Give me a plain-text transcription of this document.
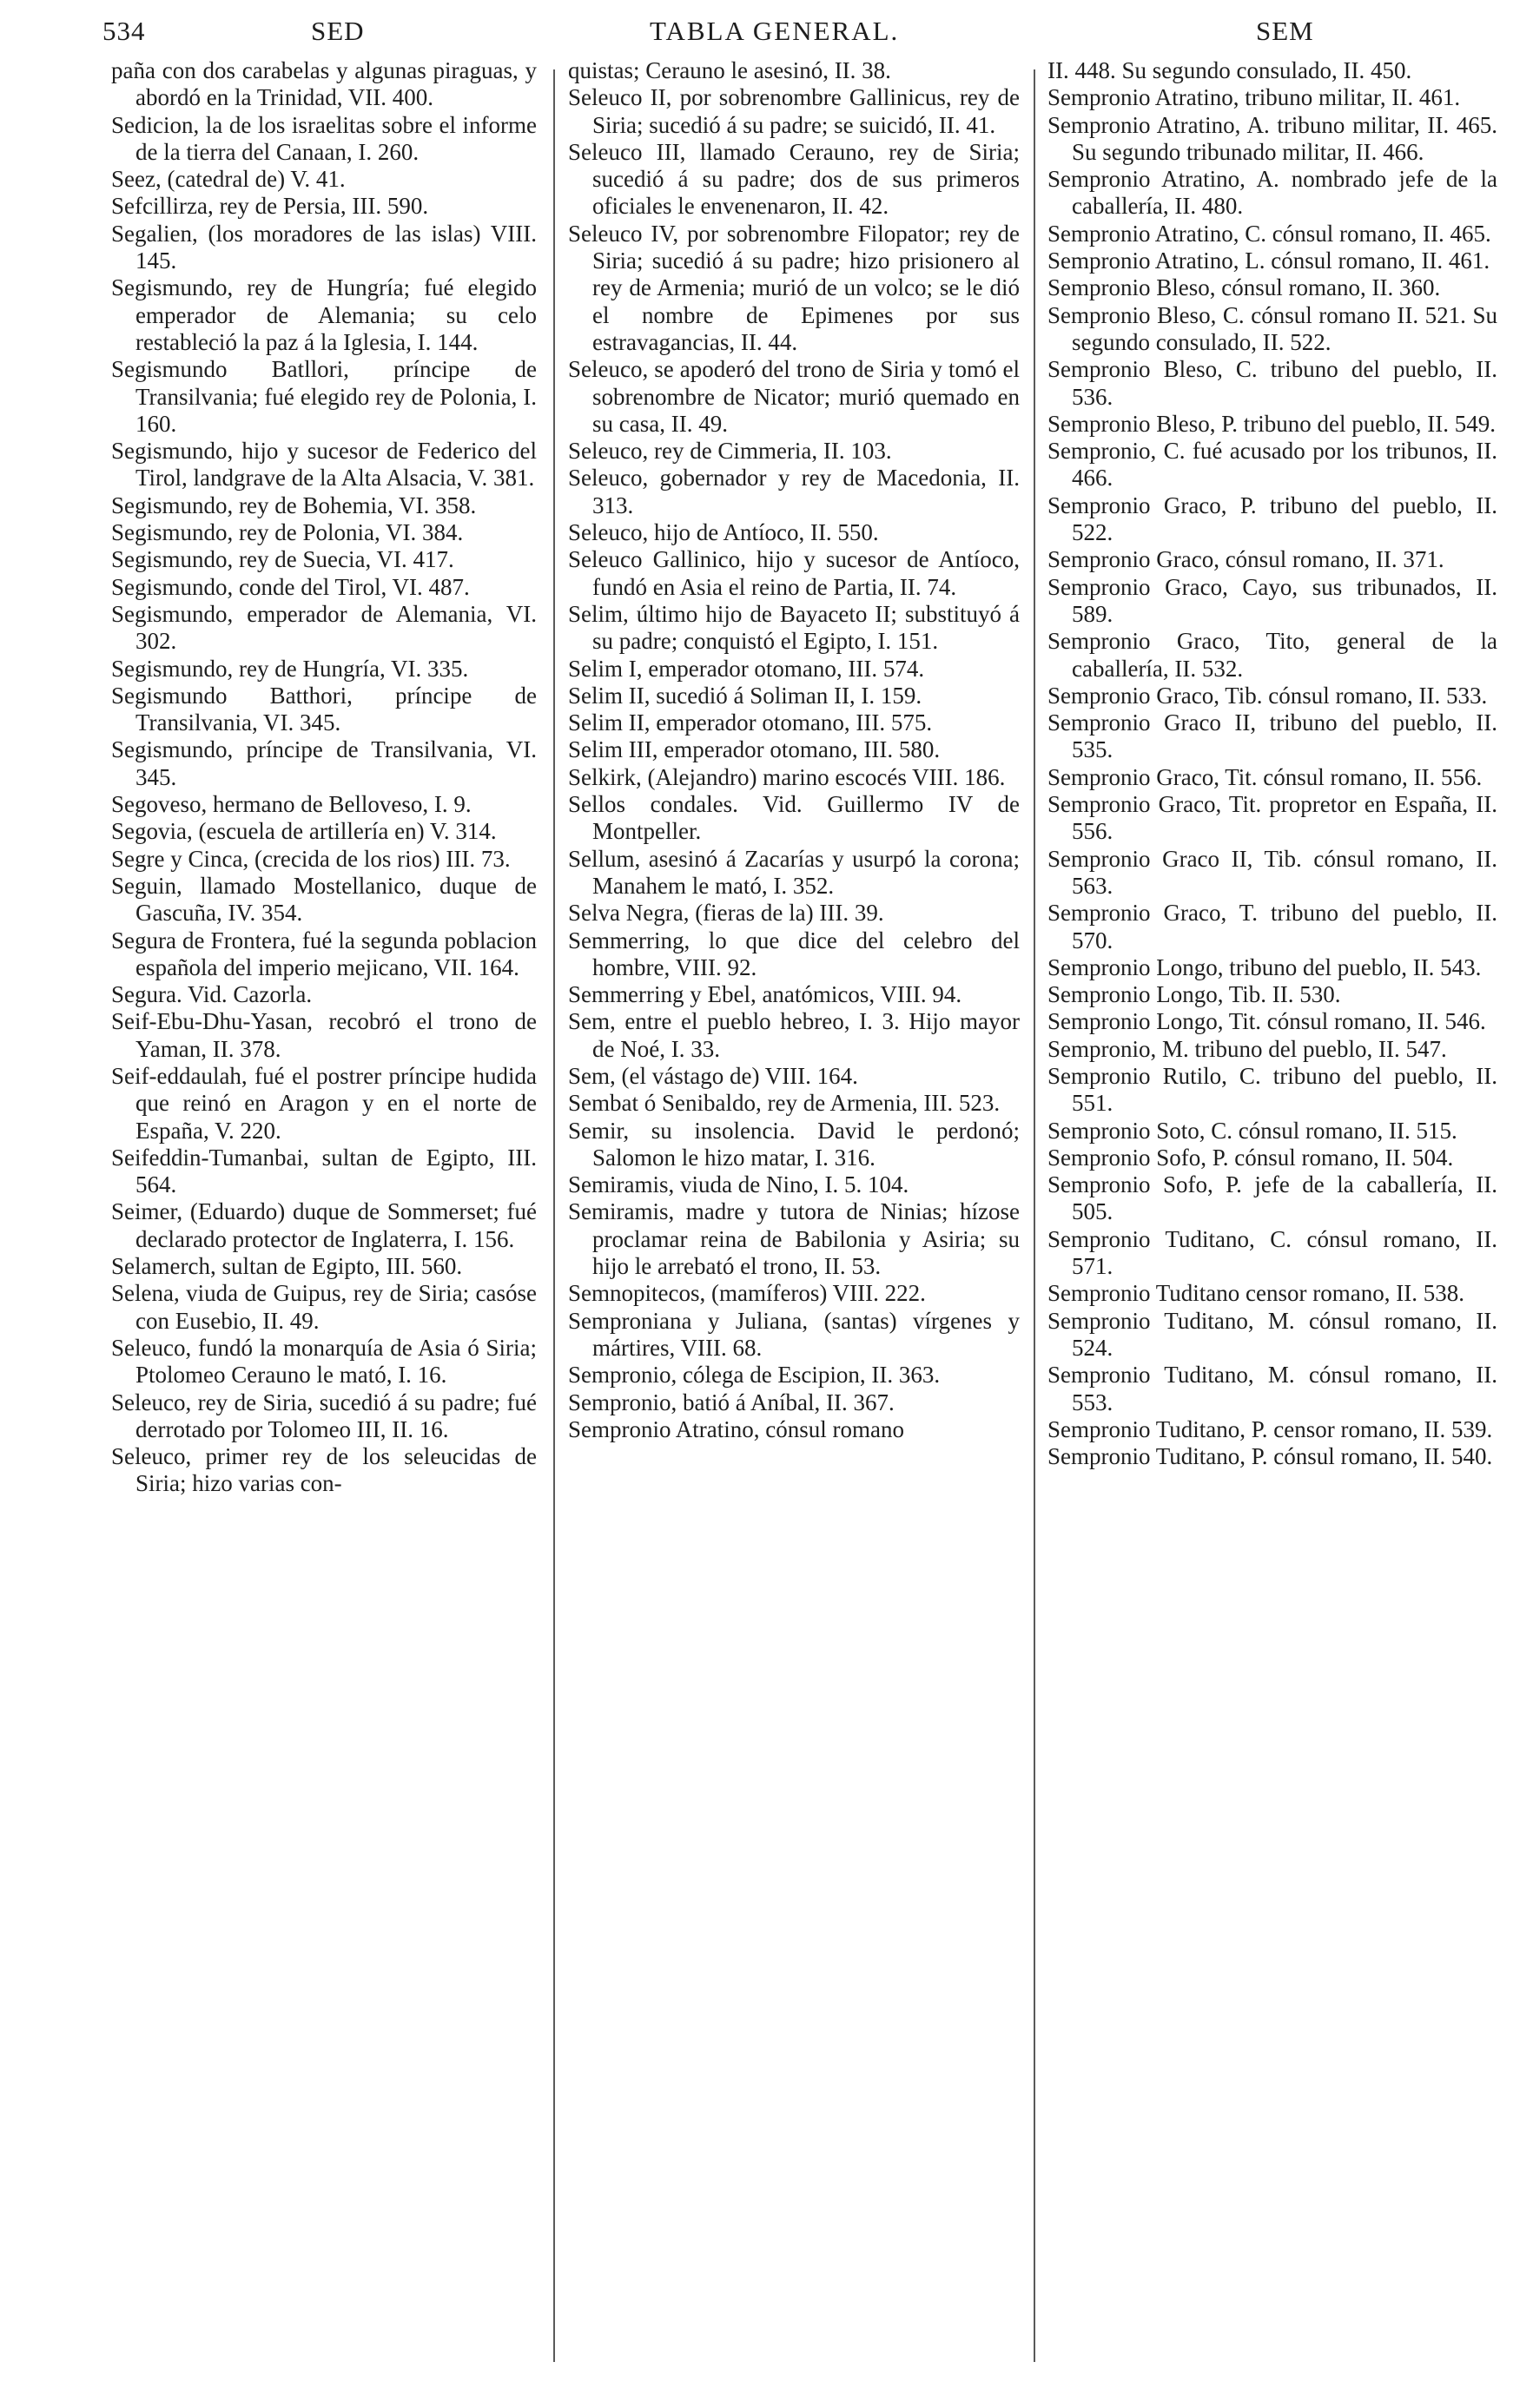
534	SED	TABLA GENERAL.	SEM

paña con dos carabelas y algunas piraguas, y abordó en la Trinidad, VII. 400.

Sedicion, la de los israelitas sobre el informe de la tierra del Canaan, I. 260.

Seez, (catedral de) V. 41.

Sefcillirza, rey de Persia, III. 590.

Segalien, (los moradores de las islas) VIII. 145.

Segismundo, rey de Hungría; fué elegido emperador de Alemania; su celo restableció la paz á la Iglesia, I. 144.

Segismundo Batllori, príncipe de Transilvania; fué elegido rey de Polonia, I. 160.

Segismundo, hijo y sucesor de Federico del Tirol, landgrave de la Alta Alsacia, V. 381.

Segismundo, rey de Bohemia, VI. 358.

Segismundo, rey de Polonia, VI. 384.

Segismundo, rey de Suecia, VI. 417.

Segismundo, conde del Tirol, VI. 487.

Segismundo, emperador de Alemania, VI. 302.

Segismundo, rey de Hungría, VI. 335.

Segismundo Batthori, príncipe de Transilvania, VI. 345.

Segismundo, príncipe de Transilvania, VI. 345.

Segoveso, hermano de Belloveso, I. 9.

Segovia, (escuela de artillería en) V. 314.

Segre y Cinca, (crecida de los rios) III. 73.

Seguin, llamado Mostellanico, duque de Gascuña, IV. 354.

Segura de Frontera, fué la segunda poblacion española del imperio mejicano, VII. 164.

Segura. Vid. Cazorla.

Seif-Ebu-Dhu-Yasan, recobró el trono de Yaman, II. 378.

Seif-eddaulah, fué el postrer príncipe hudida que reinó en Aragon y en el norte de España, V. 220.

Seifeddin-Tumanbai, sultan de Egipto, III. 564.

Seimer, (Eduardo) duque de Sommerset; fué declarado protector de Inglaterra, I. 156.

Selamerch, sultan de Egipto, III. 560.

Selena, viuda de Guipus, rey de Siria; casóse con Eusebio, II. 49.

Seleuco, fundó la monarquía de Asia ó Siria; Ptolomeo Cerauno le mató, I. 16.

Seleuco, rey de Siria, sucedió á su padre; fué derrotado por Tolomeo III, II. 16.

Seleuco, primer rey de los seleucidas de Siria; hizo varias con-

quistas; Cerauno le asesinó, II. 38.

Seleuco II, por sobrenombre Gallinicus, rey de Siria; sucedió á su padre; se suicidó, II. 41.

Seleuco III, llamado Cerauno, rey de Siria; sucedió á su padre; dos de sus primeros oficiales le envenenaron, II. 42.

Seleuco IV, por sobrenombre Filopator; rey de Siria; sucedió á su padre; hizo prisionero al rey de Armenia; murió de un volco; se le dió el nombre de Epimenes por sus estravagancias, II. 44.

Seleuco, se apoderó del trono de Siria y tomó el sobrenombre de Nicator; murió quemado en su casa, II. 49.

Seleuco, rey de Cimmeria, II. 103.

Seleuco, gobernador y rey de Macedonia, II. 313.

Seleuco, hijo de Antíoco, II. 550.

Seleuco Gallinico, hijo y sucesor de Antíoco, fundó en Asia el reino de Partia, II. 74.

Selim, último hijo de Bayaceto II; substituyó á su padre; conquistó el Egipto, I. 151.

Selim I, emperador otomano, III. 574.

Selim II, sucedió á Soliman II, I. 159.

Selim II, emperador otomano, III. 575.

Selim III, emperador otomano, III. 580.

Selkirk, (Alejandro) marino escocés VIII. 186.

Sellos condales. Vid. Guillermo IV de Montpeller.

Sellum, asesinó á Zacarías y usurpó la corona; Manahem le mató, I. 352.

Selva Negra, (fieras de la) III. 39.

Semmerring, lo que dice del celebro del hombre, VIII. 92.

Semmerring y Ebel, anatómicos, VIII. 94.

Sem, entre el pueblo hebreo, I. 3. Hijo mayor de Noé, I. 33.

Sem, (el vástago de) VIII. 164.

Sembat ó Senibaldo, rey de Armenia, III. 523.

Semir, su insolencia. David le perdonó; Salomon le hizo matar, I. 316.

Semiramis, viuda de Nino, I. 5. 104.

Semiramis, madre y tutora de Ninias; hízose proclamar reina de Babilonia y Asiria; su hijo le arrebató el trono, II. 53.

Semnopitecos, (mamíferos) VIII. 222.

Semproniana y Juliana, (santas) vírgenes y mártires, VIII. 68.

Sempronio, cólega de Escipion, II. 363.

Sempronio, batió á Aníbal, II. 367.

Sempronio Atratino, cónsul romano

II. 448. Su segundo consulado, II. 450.

Sempronio Atratino, tribuno militar, II. 461.

Sempronio Atratino, A. tribuno militar, II. 465. Su segundo tribunado militar, II. 466.

Sempronio Atratino, A. nombrado jefe de la caballería, II. 480.

Sempronio Atratino, C. cónsul romano, II. 465.

Sempronio Atratino, L. cónsul romano, II. 461.

Sempronio Bleso, cónsul romano, II. 360.

Sempronio Bleso, C. cónsul romano II. 521. Su segundo consulado, II. 522.

Sempronio Bleso, C. tribuno del pueblo, II. 536.

Sempronio Bleso, P. tribuno del pueblo, II. 549.

Sempronio, C. fué acusado por los tribunos, II. 466.

Sempronio Graco, P. tribuno del pueblo, II. 522.

Sempronio Graco, cónsul romano, II. 371.

Sempronio Graco, Cayo, sus tribunados, II. 589.

Sempronio Graco, Tito, general de la caballería, II. 532.

Sempronio Graco, Tib. cónsul romano, II. 533.

Sempronio Graco II, tribuno del pueblo, II. 535.

Sempronio Graco, Tit. cónsul romano, II. 556.

Sempronio Graco, Tit. propretor en España, II. 556.

Sempronio Graco II, Tib. cónsul romano, II. 563.

Sempronio Graco, T. tribuno del pueblo, II. 570.

Sempronio Longo, tribuno del pueblo, II. 543.

Sempronio Longo, Tib. II. 530.

Sempronio Longo, Tit. cónsul romano, II. 546.

Sempronio, M. tribuno del pueblo, II. 547.

Sempronio Rutilo, C. tribuno del pueblo, II. 551.

Sempronio Soto, C. cónsul romano, II. 515.

Sempronio Sofo, P. cónsul romano, II. 504.

Sempronio Sofo, P. jefe de la caballería, II. 505.

Sempronio Tuditano, C. cónsul romano, II. 571.

Sempronio Tuditano censor romano, II. 538.

Sempronio Tuditano, M. cónsul romano, II. 524.

Sempronio Tuditano, M. cónsul romano, II. 553.

Sempronio Tuditano, P. censor romano, II. 539.

Sempronio Tuditano, P. cónsul romano, II. 540.
